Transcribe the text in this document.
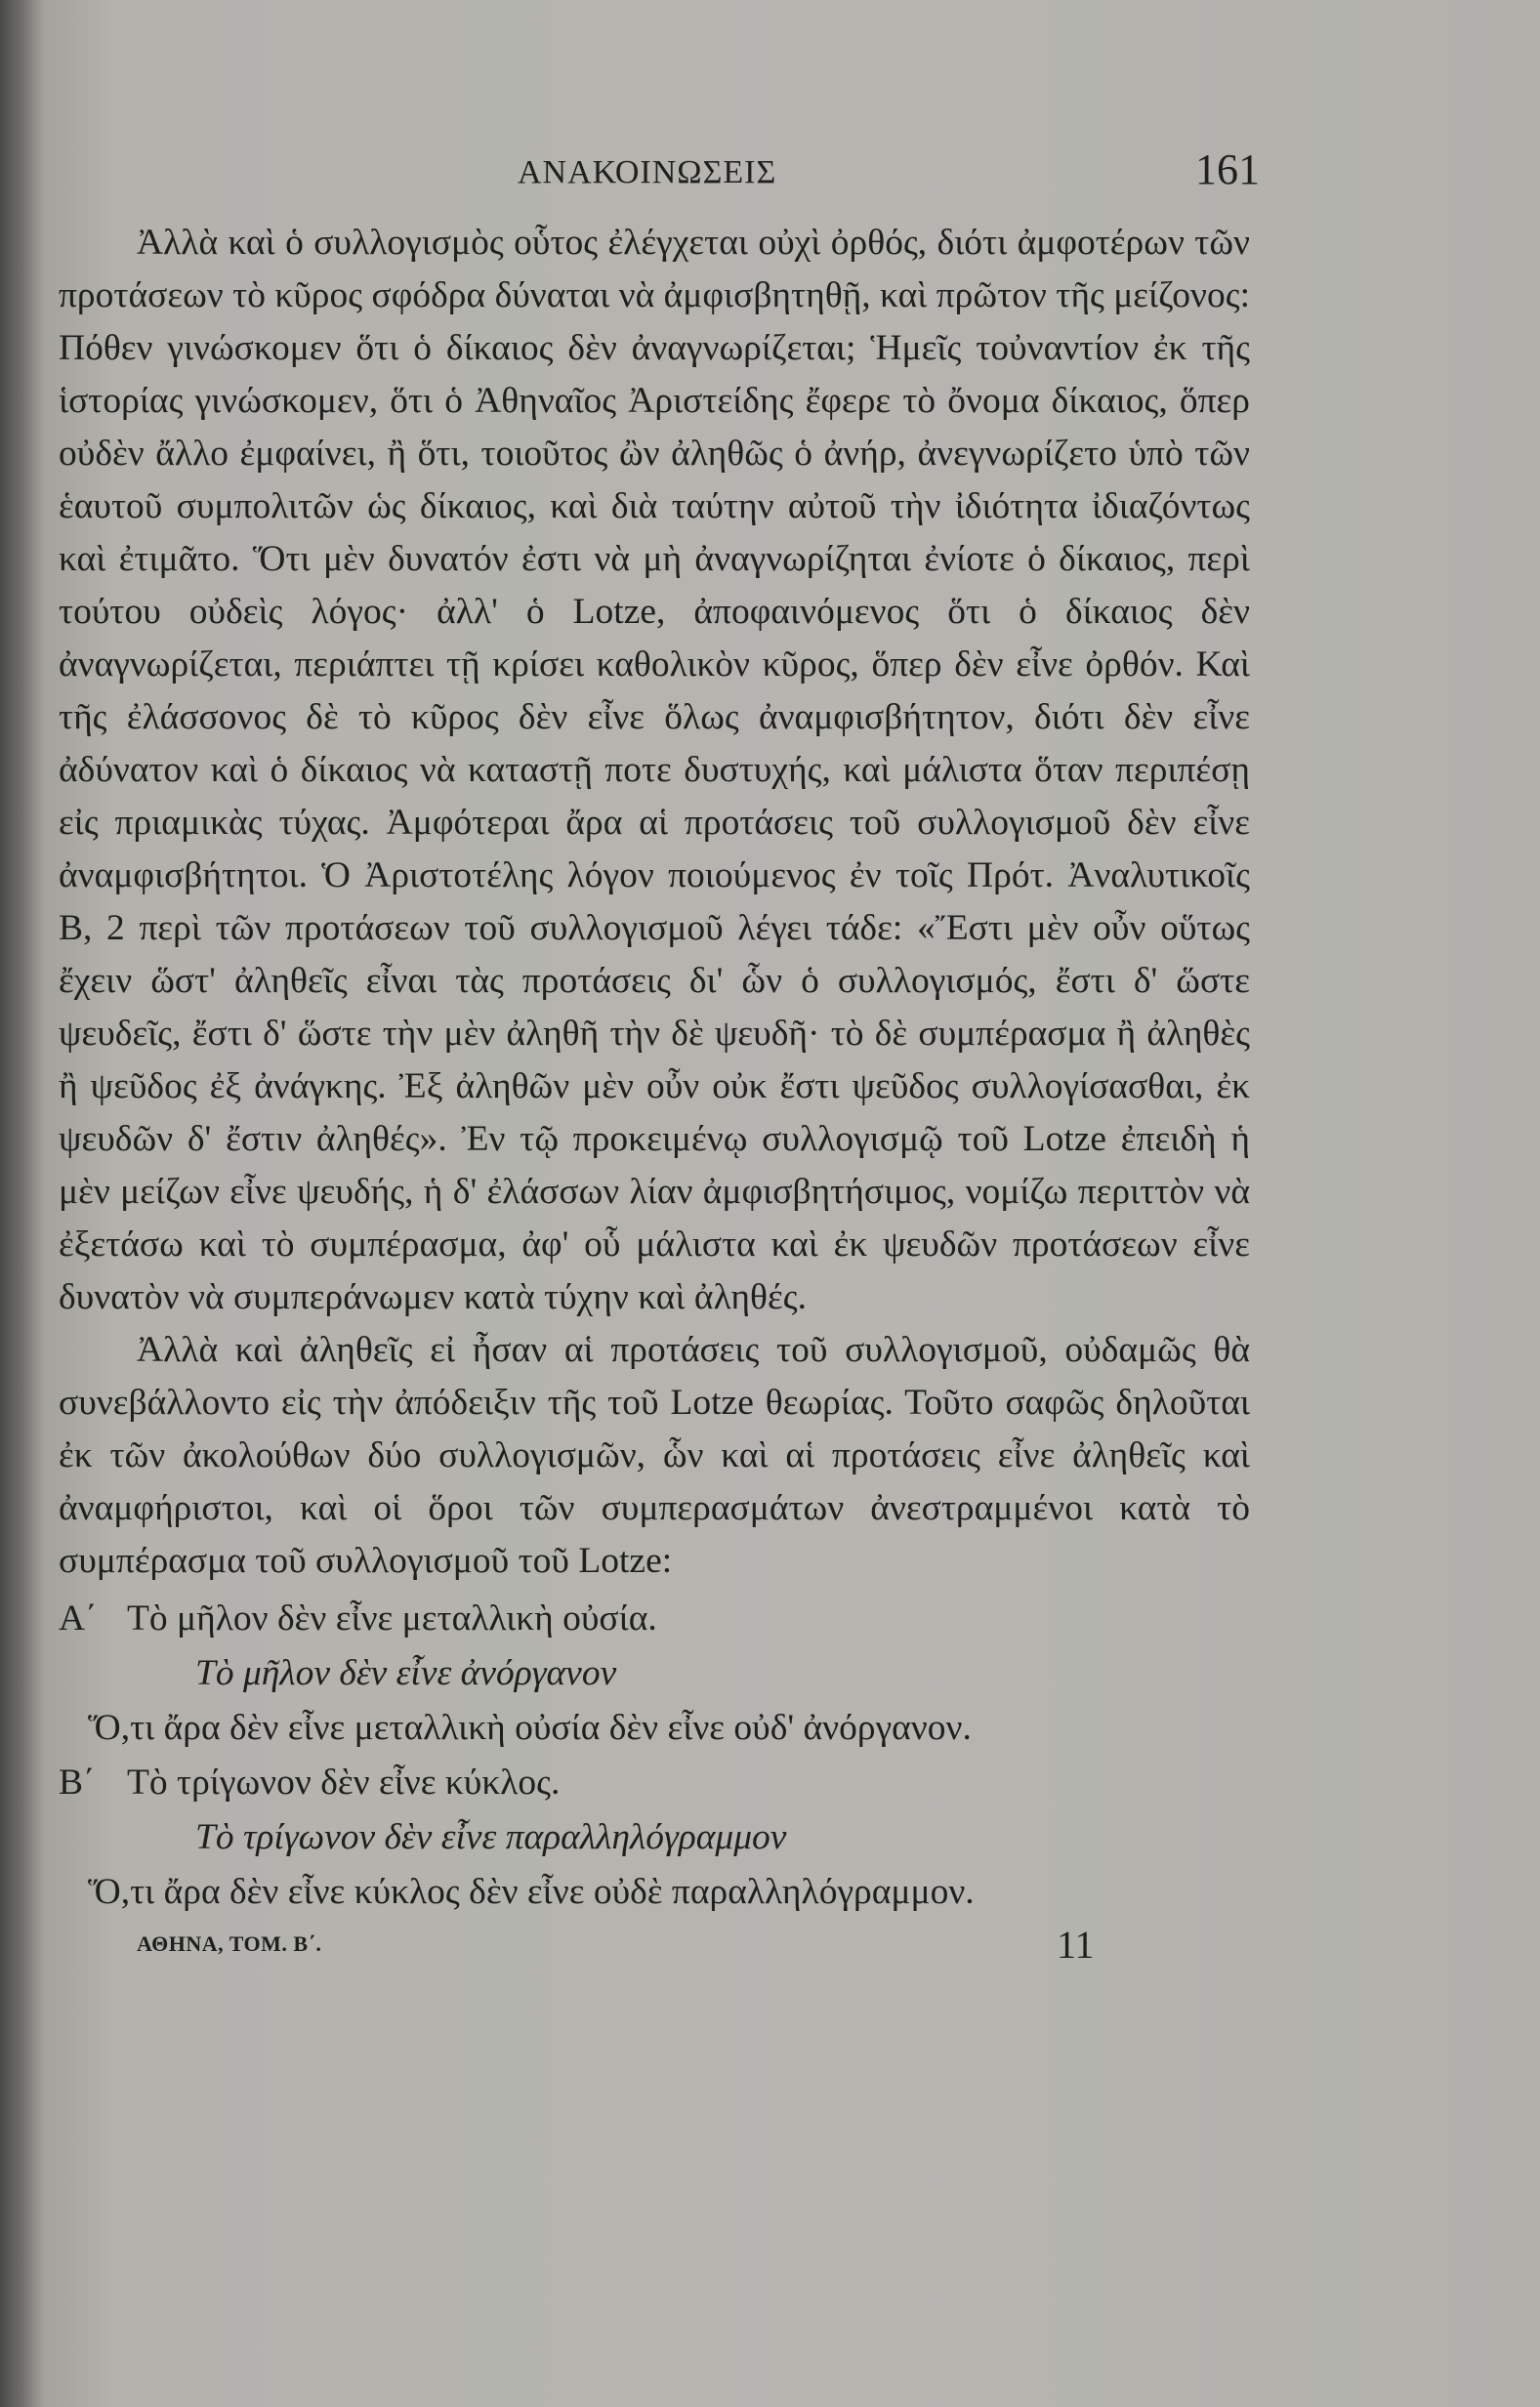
ΑΝΑΚΟΙΝΩΣΕΙΣ	161

Ἀλλὰ καὶ ὁ συλλογισμὸς οὗτος ἐλέγχεται οὐχὶ ὀρθός, διότι ἀμφοτέρων τῶν προτάσεων τὸ κῦρος σφόδρα δύναται νὰ ἀμφισβητηθῇ, καὶ πρῶτον τῆς μείζονος: Πόθεν γινώσκομεν ὅτι ὁ δίκαιος δὲν ἀναγνωρίζεται; Ἡμεῖς τοὐναντίον ἐκ τῆς ἱστορίας γινώσκομεν, ὅτι ὁ Ἀθηναῖος Ἀριστείδης ἔφερε τὸ ὄνομα δίκαιος, ὅπερ οὐδὲν ἄλλο ἐμφαίνει, ἢ ὅτι, τοιοῦτος ὢν ἀληθῶς ὁ ἀνήρ, ἀνεγνωρίζετο ὑπὸ τῶν ἑαυτοῦ συμπολιτῶν ὡς δίκαιος, καὶ διὰ ταύτην αὐτοῦ τὴν ἰδιότητα ἰδιαζόντως καὶ ἐτιμᾶτο. Ὅτι μὲν δυνατόν ἐστι νὰ μὴ ἀναγνωρίζηται ἐνίοτε ὁ δίκαιος, περὶ τούτου οὐδεὶς λόγος· ἀλλ' ὁ Lotze, ἀποφαινόμενος ὅτι ὁ δίκαιος δὲν ἀναγνωρίζεται, περιάπτει τῇ κρίσει καθολικὸν κῦρος, ὅπερ δὲν εἶνε ὀρθόν. Καὶ τῆς ἐλάσσονος δὲ τὸ κῦρος δὲν εἶνε ὅλως ἀναμφισβήτητον, διότι δὲν εἶνε ἀδύνατον καὶ ὁ δίκαιος νὰ καταστῇ ποτε δυστυχής, καὶ μάλιστα ὅταν περιπέσῃ εἰς πριαμικὰς τύχας. Ἀμφότεραι ἄρα αἱ προτάσεις τοῦ συλλογισμοῦ δὲν εἶνε ἀναμφισβήτητοι. Ὁ Ἀριστοτέλης λόγον ποιούμενος ἐν τοῖς Πρότ. Ἀναλυτικοῖς Β, 2 περὶ τῶν προτάσεων τοῦ συλλογισμοῦ λέγει τάδε: «Ἔστι μὲν οὖν οὕτως ἔχειν ὥστ' ἀληθεῖς εἶναι τὰς προτάσεις δι' ὧν ὁ συλλογισμός, ἔστι δ' ὥστε ψευδεῖς, ἔστι δ' ὥστε τὴν μὲν ἀληθῆ τὴν δὲ ψευδῆ· τὸ δὲ συμπέρασμα ἢ ἀληθὲς ἢ ψεῦδος ἐξ ἀνάγκης. Ἐξ ἀληθῶν μὲν οὖν οὐκ ἔστι ψεῦδος συλλογίσασθαι, ἐκ ψευδῶν δ' ἔστιν ἀληθές». Ἐν τῷ προκειμένῳ συλλογισμῷ τοῦ Lotze ἐπειδὴ ἡ μὲν μείζων εἶνε ψευδής, ἡ δ' ἐλάσσων λίαν ἀμφισβητήσιμος, νομίζω περιττὸν νὰ ἐξετάσω καὶ τὸ συμπέρασμα, ἀφ' οὗ μάλιστα καὶ ἐκ ψευδῶν προτάσεων εἶνε δυνατὸν νὰ συμπεράνωμεν κατὰ τύχην καὶ ἀληθές.

Ἀλλὰ καὶ ἀληθεῖς εἰ ἦσαν αἱ προτάσεις τοῦ συλλογισμοῦ, οὐδαμῶς θὰ συνεβάλλοντο εἰς τὴν ἀπόδειξιν τῆς τοῦ Lotze θεωρίας. Τοῦτο σαφῶς δηλοῦται ἐκ τῶν ἀκολούθων δύο συλλογισμῶν, ὧν καὶ αἱ προτάσεις εἶνε ἀληθεῖς καὶ ἀναμφήριστοι, καὶ οἱ ὅροι τῶν συμπερασμάτων ἀνεστραμμένοι κατὰ τὸ συμπέρασμα τοῦ συλλογισμοῦ τοῦ Lotze:

Α΄ Τὸ μῆλον δὲν εἶνε μεταλλικὴ οὐσία.
Τὸ μῆλον δὲν εἶνε ἀνόργανον
Ὅ,τι ἄρα δὲν εἶνε μεταλλικὴ οὐσία δὲν εἶνε οὐδ' ἀνόργανον.
Β΄ Τὸ τρίγωνον δὲν εἶνε κύκλος.
Τὸ τρίγωνον δὲν εἶνε παραλληλόγραμμον
Ὅ,τι ἄρα δὲν εἶνε κύκλος δὲν εἶνε οὐδὲ παραλληλόγραμμον.
ΑΘΗΝΑ, ΤΟΜ. Β΄.	11
